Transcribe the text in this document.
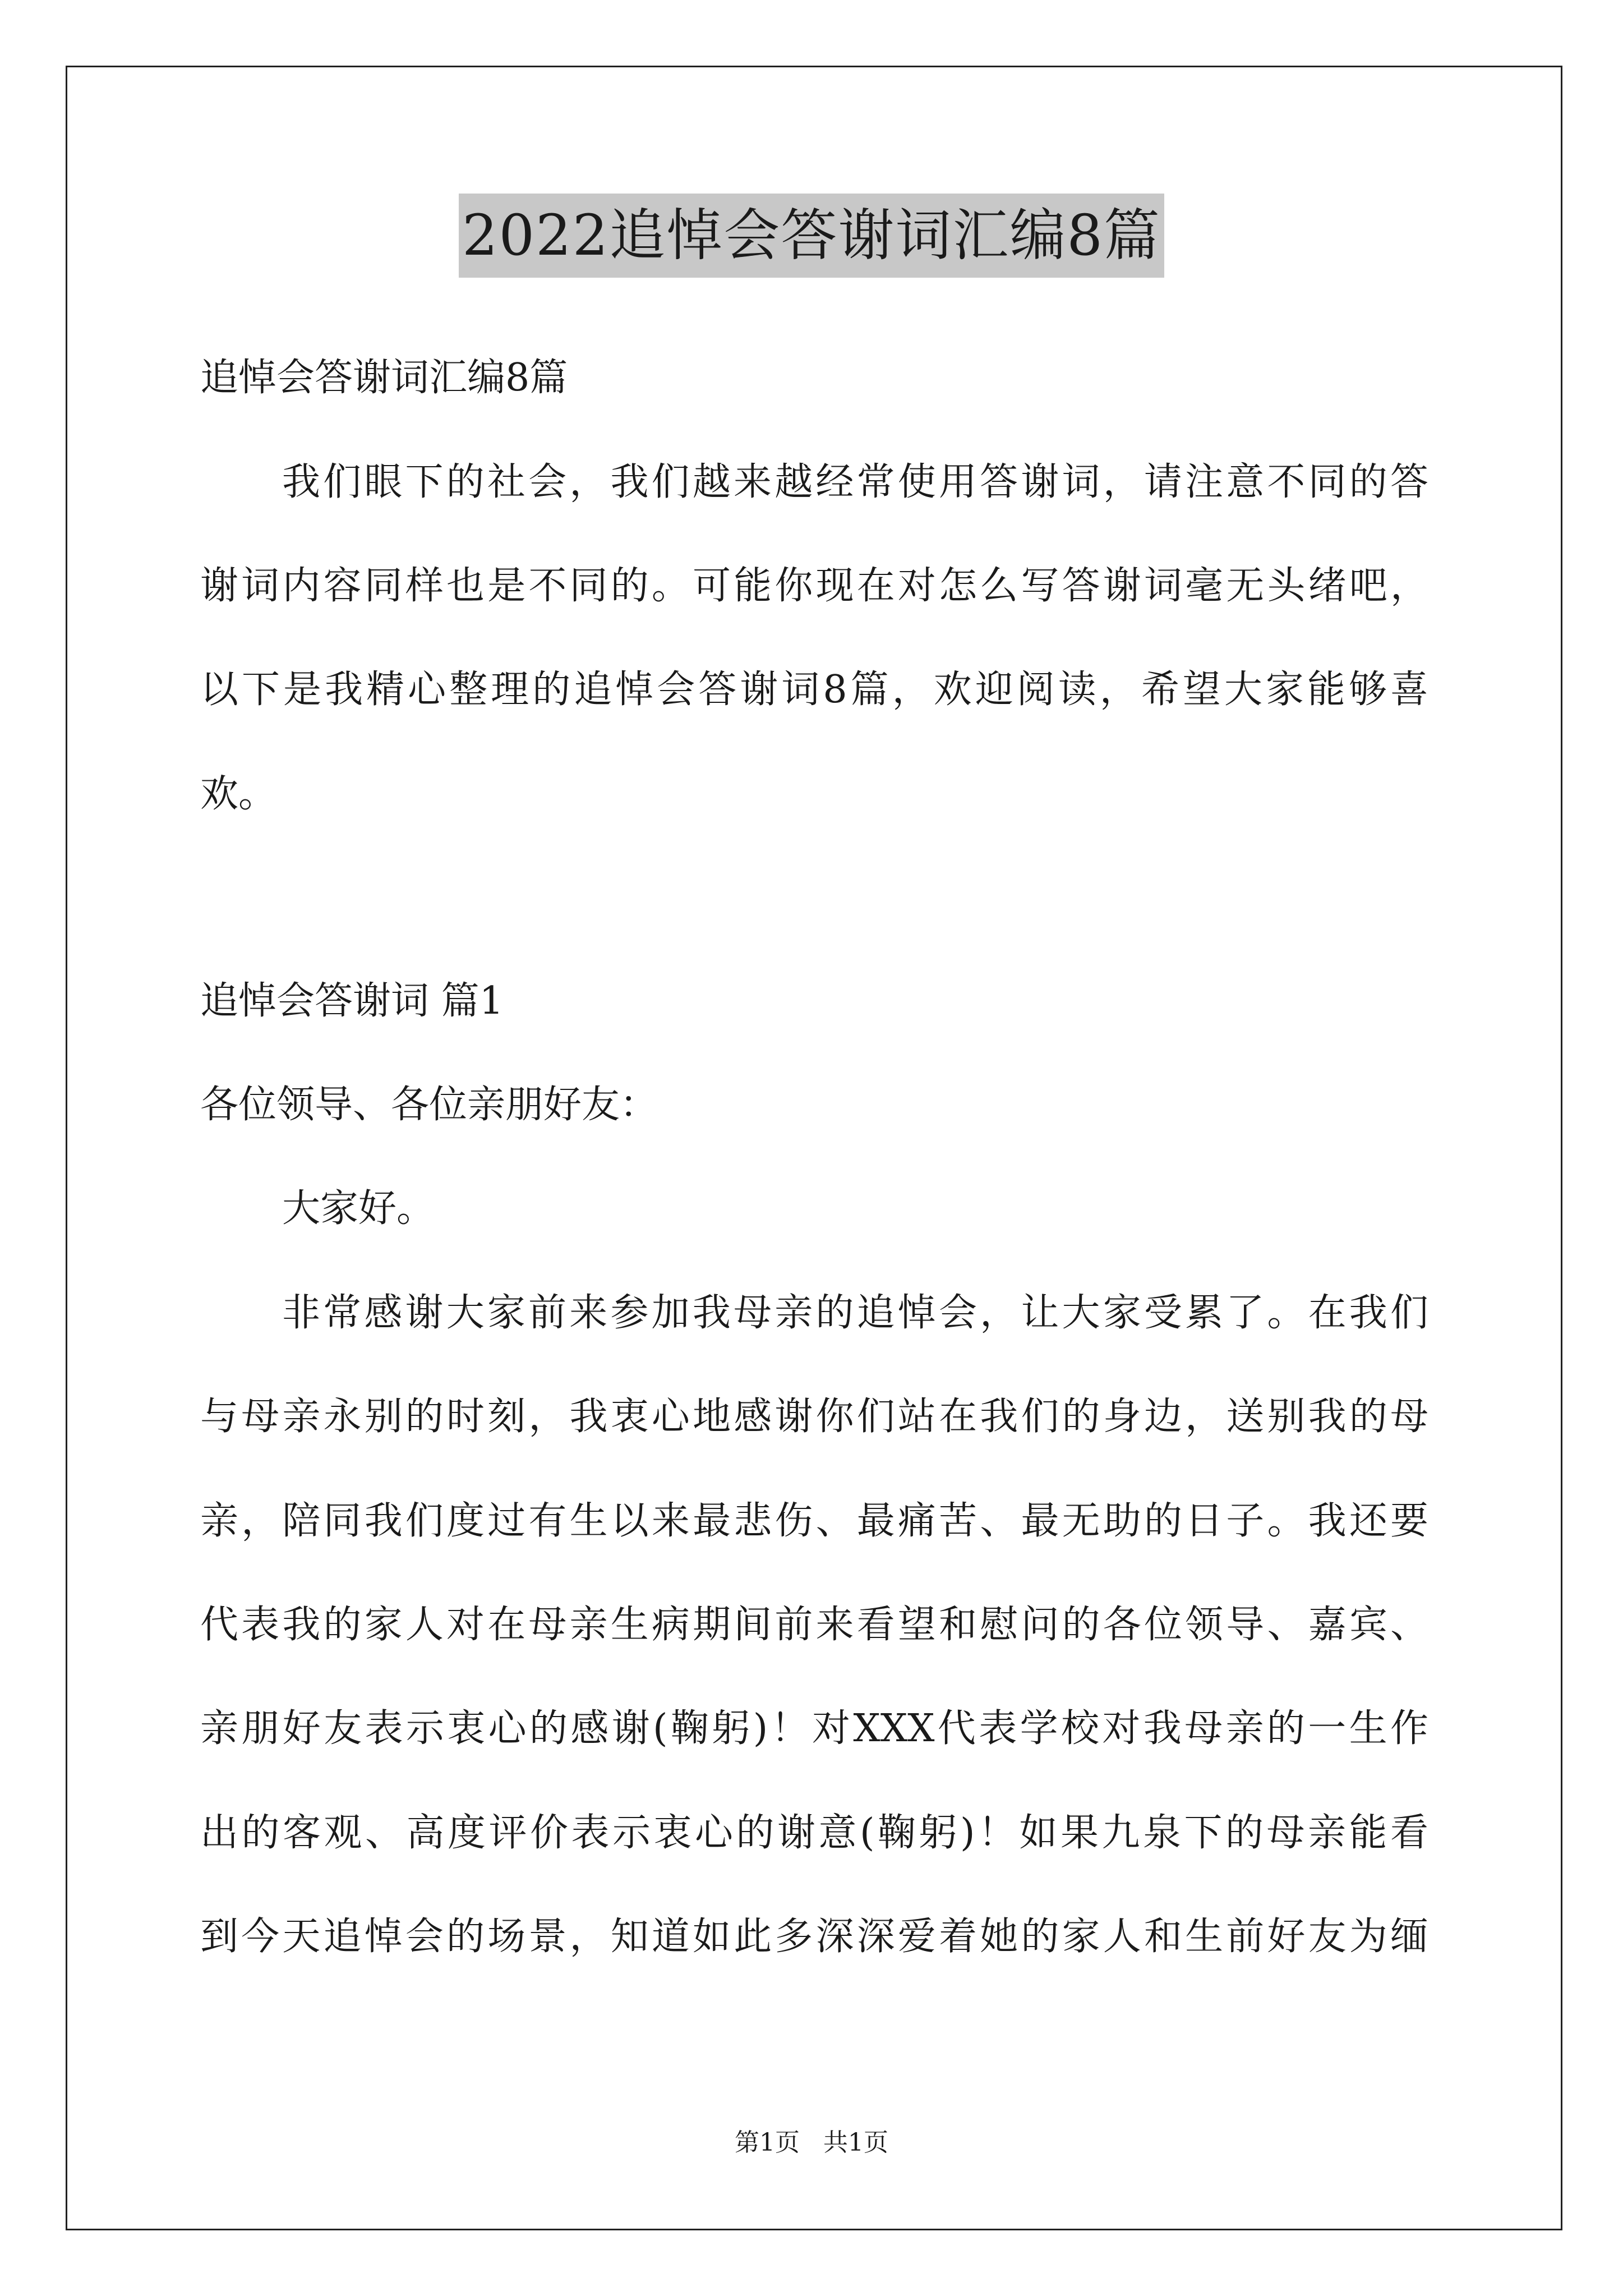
2022追悼会答谢词汇编8篇
追悼会答谢词汇编8篇
我们眼下的社会，我们越来越经常使用答谢词，请注意不同的答
谢词内容同样也是不同的。可能你现在对怎么写答谢词毫无头绪吧，
以下是我精心整理的追悼会答谢词8篇，欢迎阅读，希望大家能够喜
欢。
追悼会答谢词 篇1
各位领导、各位亲朋好友：
大家好。
非常感谢大家前来参加我母亲的追悼会，让大家受累了。在我们
与母亲永别的时刻，我衷心地感谢你们站在我们的身边，送别我的母
亲，陪同我们度过有生以来最悲伤、最痛苦、最无助的日子。我还要
代表我的家人对在母亲生病期间前来看望和慰问的各位领导、嘉宾、
亲朋好友表示衷心的感谢(鞠躬)！对XXX代表学校对我母亲的一生作
出的客观、高度评价表示衷心的谢意(鞠躬)！如果九泉下的母亲能看
到今天追悼会的场景，知道如此多深深爱着她的家人和生前好友为缅
第1页   共1页
